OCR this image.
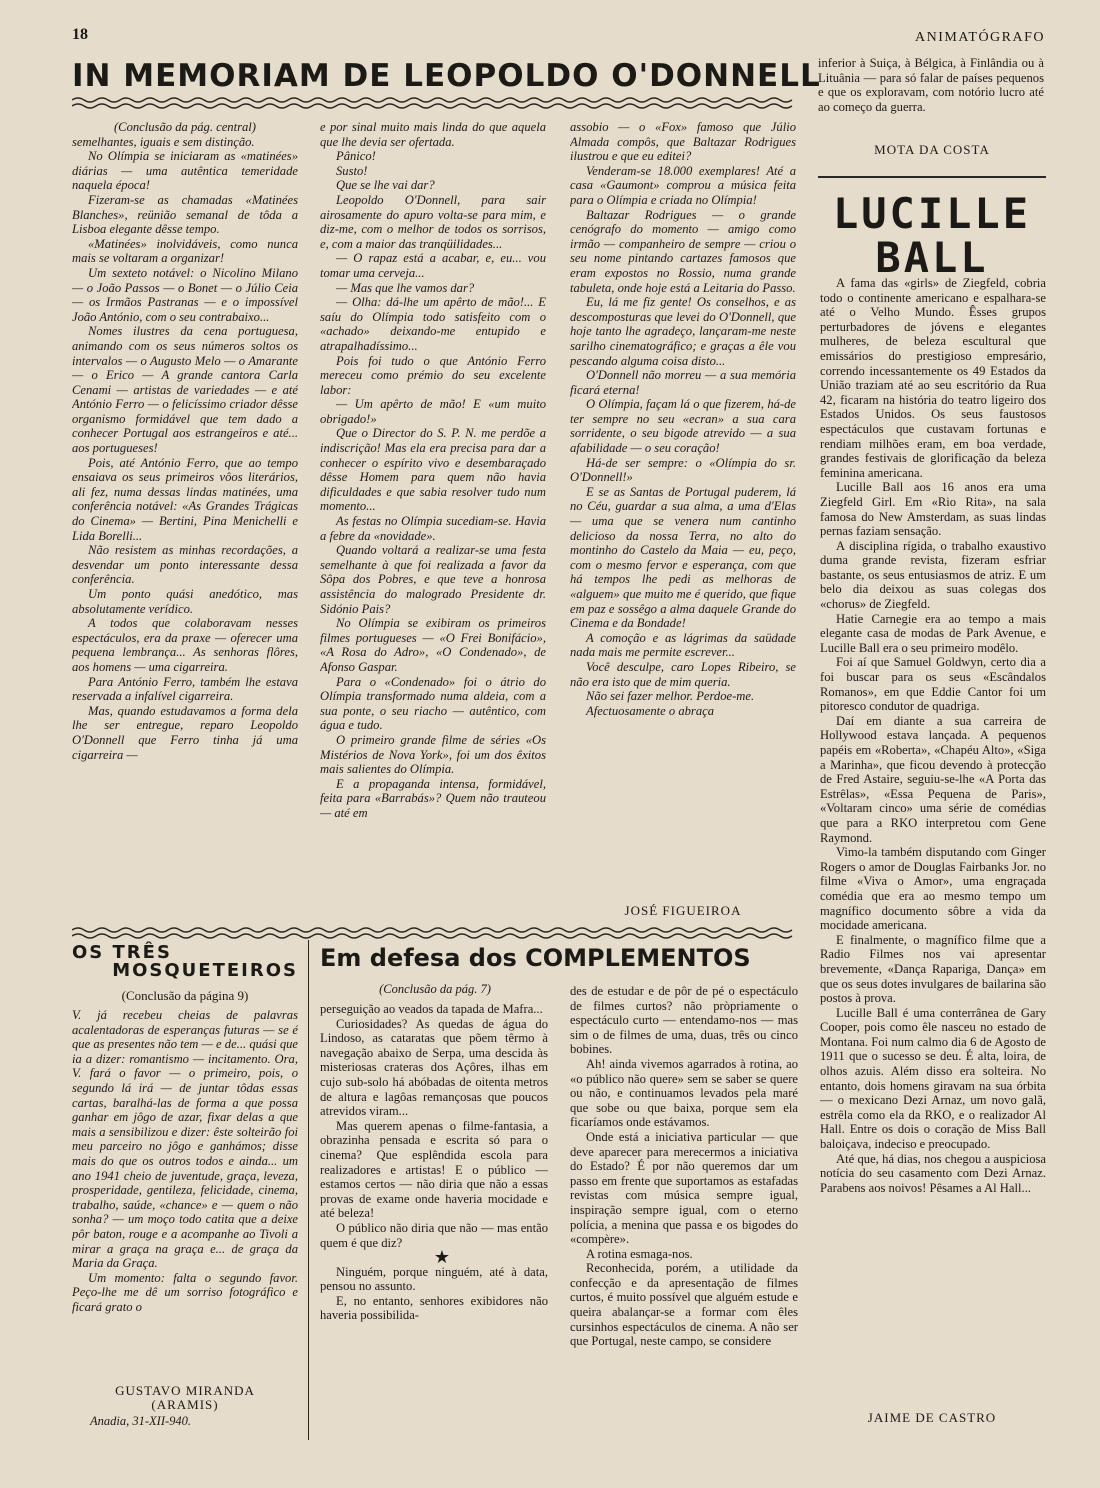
18	ANIMATÓGRAFO
IN MEMORIAM DE LEOPOLDO O'DONNELL

(Conclusão da pág. central)

semelhantes, iguais e sem distinção.

No Olímpia se iniciaram as «matinées» diárias — uma autêntica temeridade naquela época!

Fizeram-se as chamadas «Matinées Blanches», reünião semanal de tôda a Lisboa elegante dêsse tempo.

«Matinées» inolvidáveis, como nunca mais se voltaram a organizar!

Um sexteto notável: o Nicolino Milano — o João Passos — o Bonet — o Júlio Ceia — os Irmãos Pastranas — e o impossível João António, com o seu contrabaixo...

Nomes ilustres da cena portuguesa, animando com os seus números soltos os intervalos — o Augusto Melo — o Amarante — o Erico — A grande cantora Carla Cenami — artistas de variedades — e até António Ferro — o felicíssimo criador dêsse organismo formidável que tem dado a conhecer Portugal aos estrangeiros e até... aos portugueses!

Pois, até António Ferro, que ao tempo ensaiava os seus primeiros vôos literários, ali fez, numa dessas lindas matinées, uma conferência notável: «As Grandes Trágicas do Cinema» — Bertini, Pina Menichelli e Lida Borelli...

Não resistem as minhas recordações, a desvendar um ponto interessante dessa conferência.

Um ponto quási anedótico, mas absolutamente verídico.

A todos que colaboravam nesses espectáculos, era da praxe — oferecer uma pequena lembrança... As senhoras flôres, aos homens — uma cigarreira.

Para António Ferro, também lhe estava reservada a infalível cigarreira.

Mas, quando estudavamos a forma dela lhe ser entregue, reparo Leopoldo O'Donnell que Ferro tinha já uma cigarreira —

e por sinal muito mais linda do que aquela que lhe devia ser ofertada.

Pânico!

Susto!

Que se lhe vai dar?

Leopoldo O'Donnell, para sair airosamente do apuro volta-se para mim, e diz-me, com o melhor de todos os sorrisos, e, com a maior das tranqüilidades...

— O rapaz está a acabar, e, eu... vou tomar uma cerveja...

— Mas que lhe vamos dar?

— Olha: dá-lhe um apêrto de mão!... E saíu do Olímpia todo satisfeito com o «achado» deixando-me entupido e atrapalhadíssimo...

Pois foi tudo o que António Ferro mereceu como prémio do seu excelente labor:

— Um apêrto de mão! E «um muito obrigado!»

Que o Director do S. P. N. me perdõe a indiscrição! Mas ela era precisa para dar a conhecer o espírito vivo e desembaraçado dêsse Homem para quem não havia dificuldades e que sabia resolver tudo num momento...

As festas no Olímpia sucediam-se. Havia a febre da «novidade».

Quando voltará a realizar-se uma festa semelhante à que foi realizada a favor da Sôpa dos Pobres, e que teve a honrosa assistência do malogrado Presidente dr. Sidónio Pais?

No Olímpia se exibiram os primeiros filmes portugueses — «O Frei Bonifácio», «A Rosa do Adro», «O Condenado», de Afonso Gaspar.

Para o «Condenado» foi o átrio do Olímpia transformado numa aldeia, com a sua ponte, o seu riacho — autêntico, com água e tudo.

O primeiro grande filme de séries «Os Mistérios de Nova York», foi um dos êxitos mais salientes do Olímpia.

E a propaganda intensa, formidável, feita para «Barrabás»? Quem não trauteou — até em

assobio — o «Fox» famoso que Júlio Almada compôs, que Baltazar Rodrigues ilustrou e que eu editei?

Venderam-se 18.000 exemplares! Até a casa «Gaumont» comprou a música feita para o Olímpia e criada no Olímpia!

Baltazar Rodrigues — o grande cenógrafo do momento — amigo como irmão — companheiro de sempre — criou o seu nome pintando cartazes famosos que eram expostos no Rossio, numa grande tabuleta, onde hoje está a Leitaria do Passo.

Eu, lá me fiz gente! Os conselhos, e as descomposturas que levei do O'Donnell, que hoje tanto lhe agradeço, lançaram-me neste sarilho cinematográfico; e graças a êle vou pescando alguma coisa disto...

O'Donnell não morreu — a sua memória ficará eterna!

O Olímpia, façam lá o que fizerem, há-de ter sempre no seu «ecran» a sua cara sorridente, o seu bigode atrevido — a sua afabilidade — o seu coração!

Há-de ser sempre: o «Olímpia do sr. O'Donnell!»

E se as Santas de Portugal puderem, lá no Céu, guardar a sua alma, a uma d'Elas — uma que se venera num cantinho delicioso da nossa Terra, no alto do montinho do Castelo da Maia — eu, peço, com o mesmo fervor e esperança, com que há tempos lhe pedi as melhoras de «alguem» que muito me é querido, que fique em paz e sossêgo a alma daquele Grande do Cinema e da Bondade!

A comoção e as lágrimas da saüdade nada mais me permite escrever...

Você desculpe, caro Lopes Ribeiro, se não era isto que de mim queria.

Não sei fazer melhor. Perdoe-me.

Afectuosamente o abraça

JOSÉ FIGUEIROA

inferior à Suiça, à Bélgica, à Finlândia ou à Lituânia — para só falar de países pequenos e que os exploravam, com notório lucro até ao começo da guerra.

MOTA DA COSTA
LUCILLE
BALL

A fama das «girls» de Ziegfeld, cobria todo o continente americano e espalhara-se até o Velho Mundo. Êsses grupos perturbadores de jóvens e elegantes mulheres, de beleza escultural que emissários do prestigioso empresário, correndo incessantemente os 49 Estados da União traziam até ao seu escritório da Rua 42, ficaram na história do teatro ligeiro dos Estados Unidos. Os seus faustosos espectáculos que custavam fortunas e rendiam milhões eram, em boa verdade, grandes festivais de glorificação da beleza feminina americana.

Lucille Ball aos 16 anos era uma Ziegfeld Girl. Em «Rio Rita», na sala famosa do New Amsterdam, as suas lindas pernas faziam sensação.

A disciplina rígida, o trabalho exaustivo duma grande revista, fizeram esfriar bastante, os seus entusiasmos de atriz. E um belo dia deixou as suas colegas dos «chorus» de Ziegfeld.

Hatie Carnegie era ao tempo a mais elegante casa de modas de Park Avenue, e Lucille Ball era o seu primeiro modêlo.

Foi aí que Samuel Goldwyn, certo dia a foi buscar para os seus «Escândalos Romanos», em que Eddie Cantor foi um pitoresco condutor de quadriga.

Daí em diante a sua carreira de Hollywood estava lançada. A pequenos papéis em «Roberta», «Chapéu Alto», «Siga a Marinha», que ficou devendo à protecção de Fred Astaire, seguiu-se-lhe «A Porta das Estrêlas», «Essa Pequena de Paris», «Voltaram cinco» uma série de comédias que para a RKO interpretou com Gene Raymond.

Vimo-la também disputando com Ginger Rogers o amor de Douglas Fairbanks Jor. no filme «Viva o Amor», uma engraçada comédia que era ao mesmo tempo um magnífico documento sôbre a vida da mocidade americana.

E finalmente, o magnífico filme que a Radio Filmes nos vai apresentar brevemente, «Dança Rapariga, Dança» em que os seus dotes invulgares de bailarina são postos à prova.

Lucille Ball é uma conterrânea de Gary Cooper, pois como êle nasceu no estado de Montana. Foi num calmo dia 6 de Agosto de 1911 que o sucesso se deu. É alta, loira, de olhos azuis. Além disso era solteira. No entanto, dois homens giravam na sua órbita — o mexicano Dezi Arnaz, um novo galã, estrêla como ela da RKO, e o realizador Al Hall. Entre os dois o coração de Miss Ball baloiçava, indeciso e preocupado.

Até que, há dias, nos chegou a auspiciosa notícia do seu casamento com Dezi Arnaz. Parabens aos noivos! Pêsames a Al Hall...

JAIME DE CASTRO
OS TRÊS
MOSQUETEIROS
(Conclusão da página 9)

V. já recebeu cheias de palavras acalentadoras de esperanças futuras — se é que as presentes não tem — e de... quási que ia a dizer: romantismo — incitamento. Ora, V. fará o favor — o primeiro, pois, o segundo lá irá — de juntar tôdas essas cartas, baralhá-las de forma a que possa ganhar em jôgo de azar, fixar delas a que mais a sensibilizou e dizer: êste solteirão foi meu parceiro no jôgo e ganhámos; disse mais do que os outros todos e ainda... um ano 1941 cheio de juventude, graça, leveza, prosperidade, gentileza, felicidade, cinema, trabalho, saúde, «chance» e — quem o não sonha? — um moço todo catita que a deixe pôr baton, rouge e a acompanhe ao Tivoli a mirar a graça na graça e... de graça da Maria da Graça.

Um momento: falta o segundo favor. Peço-lhe me dê um sorriso fotográfico e ficará grato o

GUSTAVO MIRANDA
(ARAMIS)
Anadia, 31-XII-940.
Em defesa dos COMPLEMENTOS
(Conclusão da pág. 7)

perseguição ao veados da tapada de Mafra...

Curiosidades? As quedas de água do Lindoso, as cataratas que põem têrmo à navegação abaixo de Serpa, uma descida às misteriosas crateras dos Açôres, ilhas em cujo sub-solo há abóbadas de oitenta metros de altura e lagôas remançosas que poucos atrevidos viram...

Mas querem apenas o filme-fantasia, a obrazinha pensada e escrita só para o cinema? Que esplêndida escola para realizadores e artistas! E o público — estamos certos — não diria que não a essas provas de exame onde haveria mocidade e até beleza!

O público não diria que não — mas então quem é que diz?

★

Ninguém, porque ninguém, até à data, pensou no assunto.

E, no entanto, senhores exibidores não haveria possibilida-

des de estudar e de pôr de pé o espectáculo de filmes curtos? não pròpriamente o espectáculo curto — entendamo-nos — mas sim o de filmes de uma, duas, três ou cinco bobines.

Ah! ainda vivemos agarrados à rotina, ao «o público não quere» sem se saber se quere ou não, e continuamos levados pela maré que sobe ou que baixa, porque sem ela ficaríamos onde estávamos.

Onde está a iniciativa particular — que deve aparecer para merecermos a iniciativa do Estado? É por não queremos dar um passo em frente que suportamos as estafadas revistas com música sempre igual, inspiração sempre igual, com o eterno polícia, a menina que passa e os bigodes do «compère».

A rotina esmaga-nos.

Reconhecida, porém, a utilidade da confecção e da apresentação de filmes curtos, é muito possível que alguém estude e queira abalançar-se a formar com êles cursinhos espectáculos de cinema. A não ser que Portugal, neste campo, se considere
